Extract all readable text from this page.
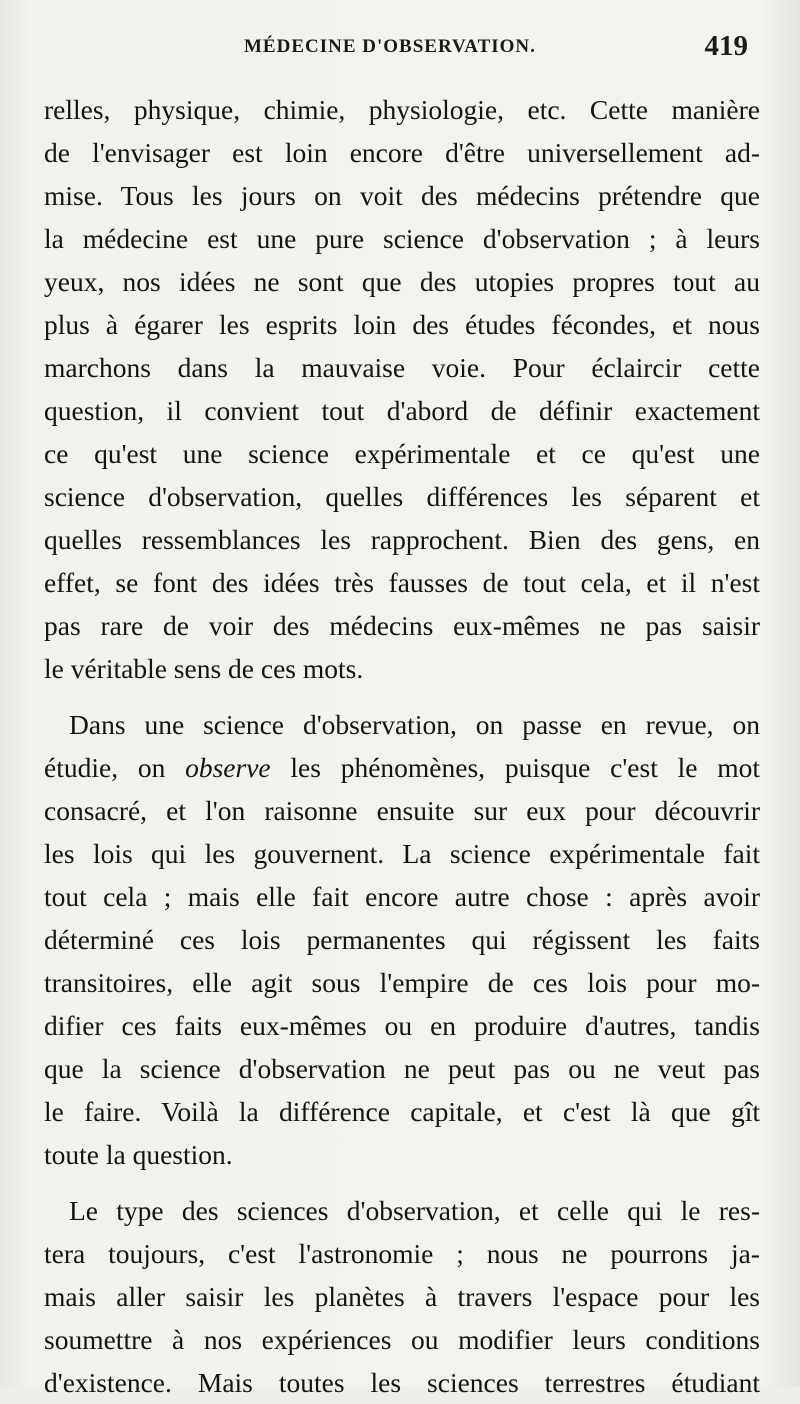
MÉDECINE D'OBSERVATION.	419
relles, physique, chimie, physiologie, etc. Cette manière
de l'envisager est loin encore d'être universellement ad-
mise. Tous les jours on voit des médecins prétendre que
la médecine est une pure science d'observation ; à leurs
yeux, nos idées ne sont que des utopies propres tout au
plus à égarer les esprits loin des études fécondes, et nous
marchons dans la mauvaise voie. Pour éclaircir cette
question, il convient tout d'abord de définir exactement
ce qu'est une science expérimentale et ce qu'est une
science d'observation, quelles différences les séparent et
quelles ressemblances les rapprochent. Bien des gens, en
effet, se font des idées très fausses de tout cela, et il n'est
pas rare de voir des médecins eux-mêmes ne pas saisir
le véritable sens de ces mots.
Dans une science d'observation, on passe en revue, on
étudie, on observe les phénomènes, puisque c'est le mot
consacré, et l'on raisonne ensuite sur eux pour découvrir
les lois qui les gouvernent. La science expérimentale fait
tout cela ; mais elle fait encore autre chose : après avoir
déterminé ces lois permanentes qui régissent les faits
transitoires, elle agit sous l'empire de ces lois pour mo-
difier ces faits eux-mêmes ou en produire d'autres, tandis
que la science d'observation ne peut pas ou ne veut pas
le faire. Voilà la différence capitale, et c'est là que gît
toute la question.
Le type des sciences d'observation, et celle qui le res-
tera toujours, c'est l'astronomie ; nous ne pourrons ja-
mais aller saisir les planètes à travers l'espace pour les
soumettre à nos expériences ou modifier leurs conditions
d'existence. Mais toutes les sciences terrestres étudiant
